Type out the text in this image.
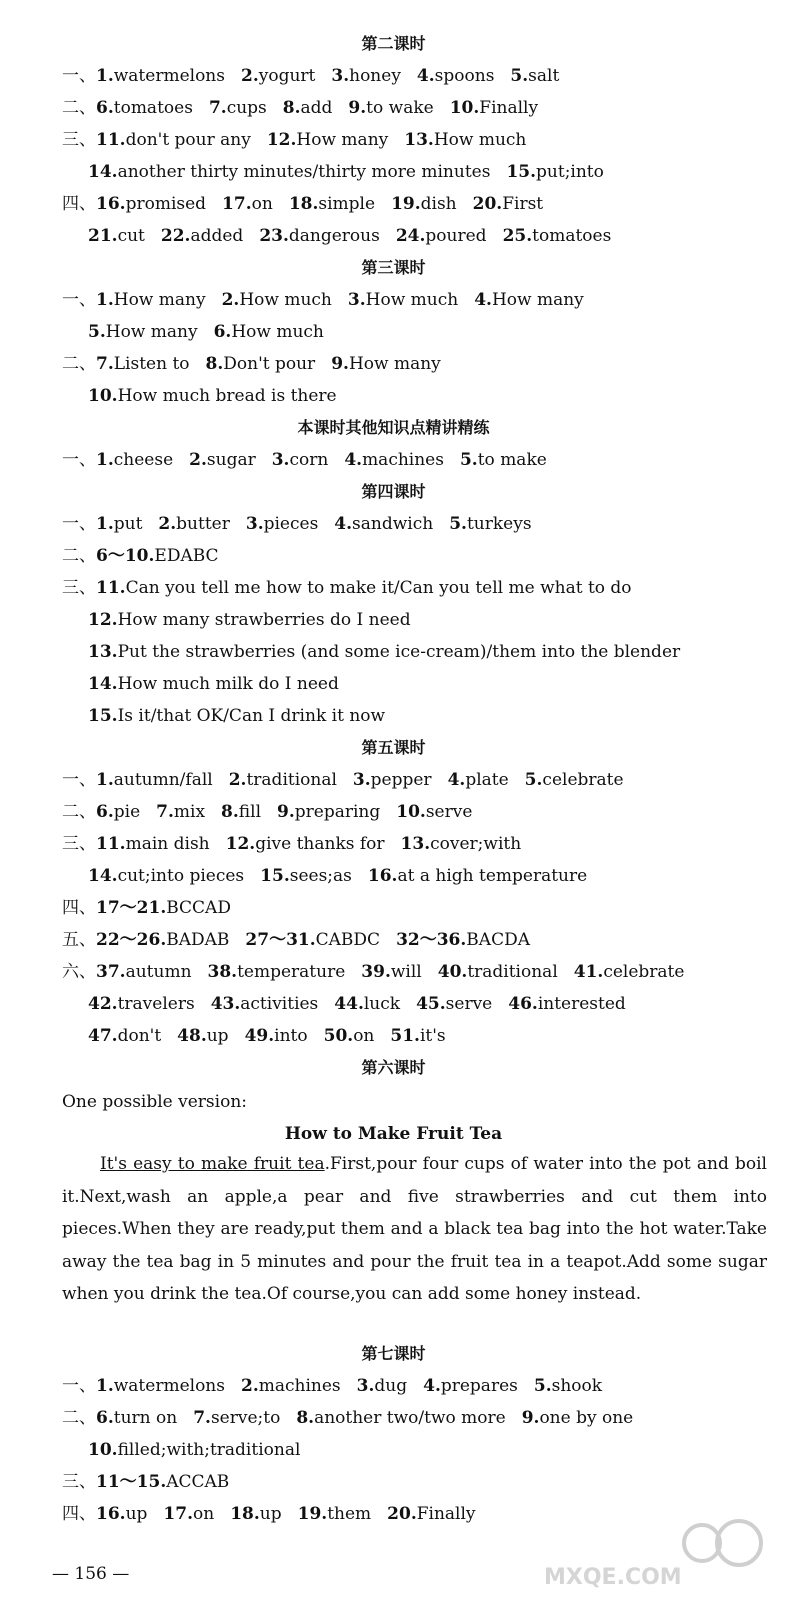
第二课时
一、1.watermelons 2.yogurt 3.honey 4.spoons 5.salt
二、6.tomatoes 7.cups 8.add 9.to wake 10.Finally
三、11.don't pour any 12.How many 13.How much
14.another thirty minutes/thirty more minutes 15.put;into
四、16.promised 17.on 18.simple 19.dish 20.First
21.cut 22.added 23.dangerous 24.poured 25.tomatoes
第三课时
一、1.How many 2.How much 3.How much 4.How many
5.How many 6.How much
二、7.Listen to 8.Don't pour 9.How many
10.How much bread is there
本课时其他知识点精讲精练
一、1.cheese 2.sugar 3.corn 4.machines 5.to make
第四课时
一、1.put 2.butter 3.pieces 4.sandwich 5.turkeys
二、6～10.EDABC
三、11.Can you tell me how to make it/Can you tell me what to do
12.How many strawberries do I need
13.Put the strawberries (and some ice-cream)/them into the blender
14.How much milk do I need
15.Is it/that OK/Can I drink it now
第五课时
一、1.autumn/fall 2.traditional 3.pepper 4.plate 5.celebrate
二、6.pie 7.mix 8.fill 9.preparing 10.serve
三、11.main dish 12.give thanks for 13.cover;with
14.cut;into pieces 15.sees;as 16.at a high temperature
四、17～21.BCCAD
五、22～26.BADAB 27～31.CABDC 32～36.BACDA
六、37.autumn 38.temperature 39.will 40.traditional 41.celebrate
42.travelers 43.activities 44.luck 45.serve 46.interested
47.don't 48.up 49.into 50.on 51.it's
第六课时
One possible version:
How to Make Fruit Tea
It's easy to make fruit tea.First,pour four cups of water into the pot and boil it.Next,wash an apple,a pear and five strawberries and cut them into pieces.When they are ready,put them and a black tea bag into the hot water.Take away the tea bag in 5 minutes and pour the fruit tea in a teapot.Add some sugar when you drink the tea.Of course,you can add some honey instead.
第七课时
一、1.watermelons 2.machines 3.dug 4.prepares 5.shook
二、6.turn on 7.serve;to 8.another two/two more 9.one by one
10.filled;with;traditional
三、11～15.ACCAB
四、16.up 17.on 18.up 19.them 20.Finally
— 156 —	MXQE.COM
